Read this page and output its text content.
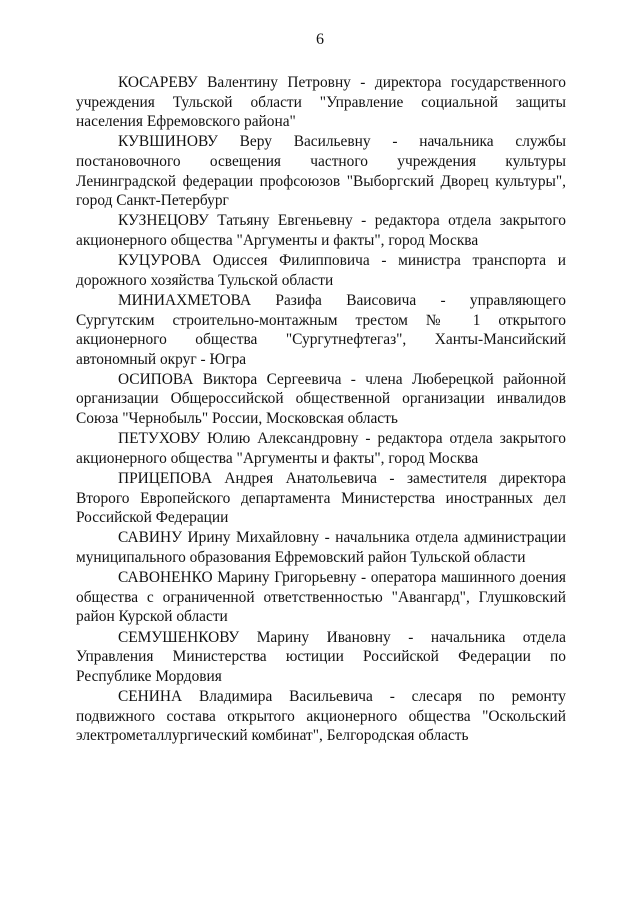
6

КОСАРЕВУ Валентину Петровну - директора государственного учреждения Тульской области "Управление социальной защиты населения Ефремовского района"

КУВШИНОВУ Веру Васильевну - начальника службы постановочного освещения частного учреждения культуры Ленинградской федерации профсоюзов "Выборгский Дворец культуры", город Санкт-Петербург

КУЗНЕЦОВУ Татьяну Евгеньевну - редактора отдела закрытого акционерного общества "Аргументы и факты", город Москва

КУЦУРОВА Одиссея Филипповича - министра транспорта и дорожного хозяйства Тульской области

МИНИАХМЕТОВА Разифа Ваисовича - управляющего Сургутским строительно-монтажным трестом № 1 открытого акционерного общества "Сургутнефтегаз", Ханты-Мансийский автономный округ - Югра

ОСИПОВА Виктора Сергеевича - члена Люберецкой районной организации Общероссийской общественной организации инвалидов Союза "Чернобыль" России, Московская область

ПЕТУХОВУ Юлию Александровну - редактора отдела закрытого акционерного общества "Аргументы и факты", город Москва

ПРИЦЕПОВА Андрея Анатольевича - заместителя директора Второго Европейского департамента Министерства иностранных дел Российской Федерации

САВИНУ Ирину Михайловну - начальника отдела администрации муниципального образования Ефремовский район Тульской области

САВОНЕНКО Марину Григорьевну - оператора машинного доения общества с ограниченной ответственностью "Авангард", Глушковский район Курской области

СЕМУШЕНКОВУ Марину Ивановну - начальника отдела Управления Министерства юстиции Российской Федерации по Республике Мордовия

СЕНИНА Владимира Васильевича - слесаря по ремонту подвижного состава открытого акционерного общества "Оскольский электрометаллургический комбинат", Белгородская область
